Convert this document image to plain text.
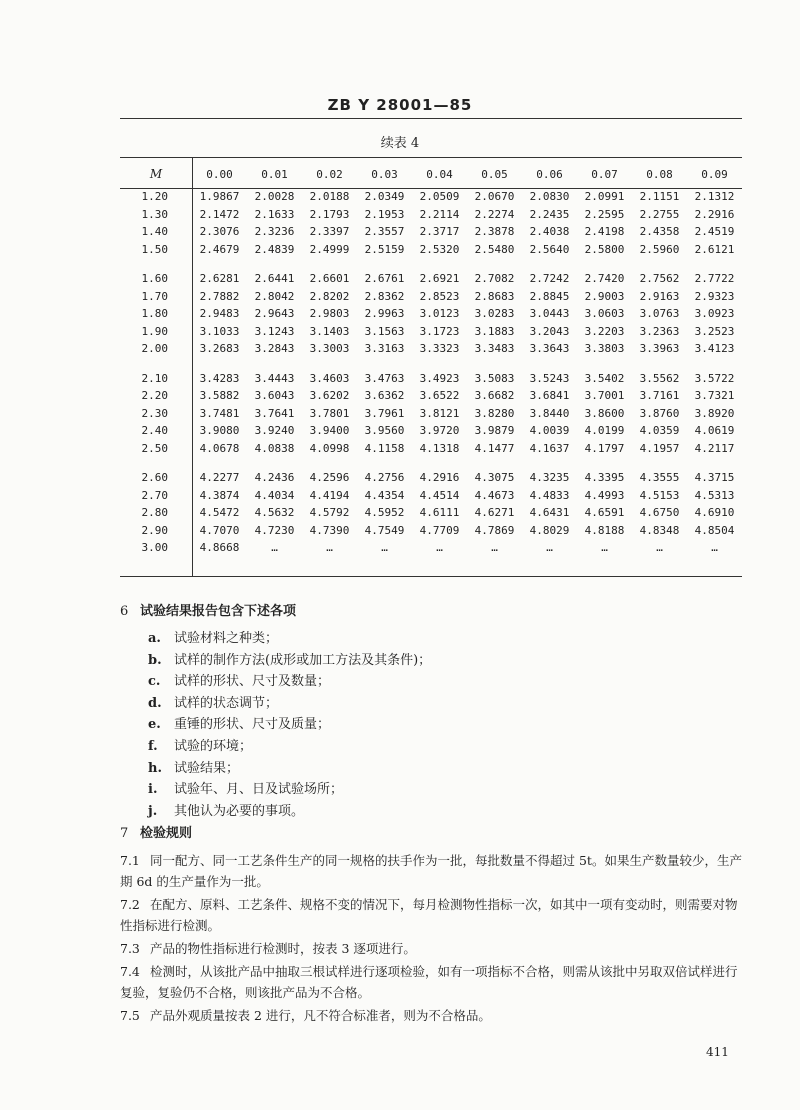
ZB Y 28001—85
续表 4
M	0.00	0.01	0.02	0.03	0.04	0.05	0.06	0.07	0.08	0.09
1.20	1.9867	2.0028	2.0188	2.0349	2.0509	2.0670	2.0830	2.0991	2.1151	2.1312
1.30	2.1472	2.1633	2.1793	2.1953	2.2114	2.2274	2.2435	2.2595	2.2755	2.2916
1.40	2.3076	2.3236	2.3397	2.3557	2.3717	2.3878	2.4038	2.4198	2.4358	2.4519
1.50	2.4679	2.4839	2.4999	2.5159	2.5320	2.5480	2.5640	2.5800	2.5960	2.6121

1.60	2.6281	2.6441	2.6601	2.6761	2.6921	2.7082	2.7242	2.7420	2.7562	2.7722
1.70	2.7882	2.8042	2.8202	2.8362	2.8523	2.8683	2.8845	2.9003	2.9163	2.9323
1.80	2.9483	2.9643	2.9803	2.9963	3.0123	3.0283	3.0443	3.0603	3.0763	3.0923
1.90	3.1033	3.1243	3.1403	3.1563	3.1723	3.1883	3.2043	3.2203	3.2363	3.2523
2.00	3.2683	3.2843	3.3003	3.3163	3.3323	3.3483	3.3643	3.3803	3.3963	3.4123

2.10	3.4283	3.4443	3.4603	3.4763	3.4923	3.5083	3.5243	3.5402	3.5562	3.5722
2.20	3.5882	3.6043	3.6202	3.6362	3.6522	3.6682	3.6841	3.7001	3.7161	3.7321
2.30	3.7481	3.7641	3.7801	3.7961	3.8121	3.8280	3.8440	3.8600	3.8760	3.8920
2.40	3.9080	3.9240	3.9400	3.9560	3.9720	3.9879	4.0039	4.0199	4.0359	4.0619
2.50	4.0678	4.0838	4.0998	4.1158	4.1318	4.1477	4.1637	4.1797	4.1957	4.2117

2.60	4.2277	4.2436	4.2596	4.2756	4.2916	4.3075	4.3235	4.3395	4.3555	4.3715
2.70	4.3874	4.4034	4.4194	4.4354	4.4514	4.4673	4.4833	4.4993	4.5153	4.5313
2.80	4.5472	4.5632	4.5792	4.5952	4.6111	4.6271	4.6431	4.6591	4.6750	4.6910
2.90	4.7070	4.7230	4.7390	4.7549	4.7709	4.7869	4.8029	4.8188	4.8348	4.8504
3.00	4.8668	…	…	…	…	…	…	…	…	…
6 试验结果报告包含下述各项
a. 试验材料之种类；
b. 试样的制作方法(成形或加工方法及其条件)；
c. 试样的形状、尺寸及数量；
d. 试样的状态调节；
e. 重锤的形状、尺寸及质量；
f. 试验的环境；
h. 试验结果；
i. 试验年、月、日及试验场所；
j. 其他认为必要的事项。
7 检验规则
7.1 同一配方、同一工艺条件生产的同一规格的扶手作为一批，每批数量不得超过 5t。如果生产数量较少，生产期 6d 的生产量作为一批。
7.2 在配方、原料、工艺条件、规格不变的情况下，每月检测物性指标一次，如其中一项有变动时，则需要对物性指标进行检测。
7.3 产品的物性指标进行检测时，按表 3 逐项进行。
7.4 检测时，从该批产品中抽取三根试样进行逐项检验，如有一项指标不合格，则需从该批中另取双倍试样进行复验，复验仍不合格，则该批产品为不合格。
7.5 产品外观质量按表 2 进行，凡不符合标准者，则为不合格品。
411
